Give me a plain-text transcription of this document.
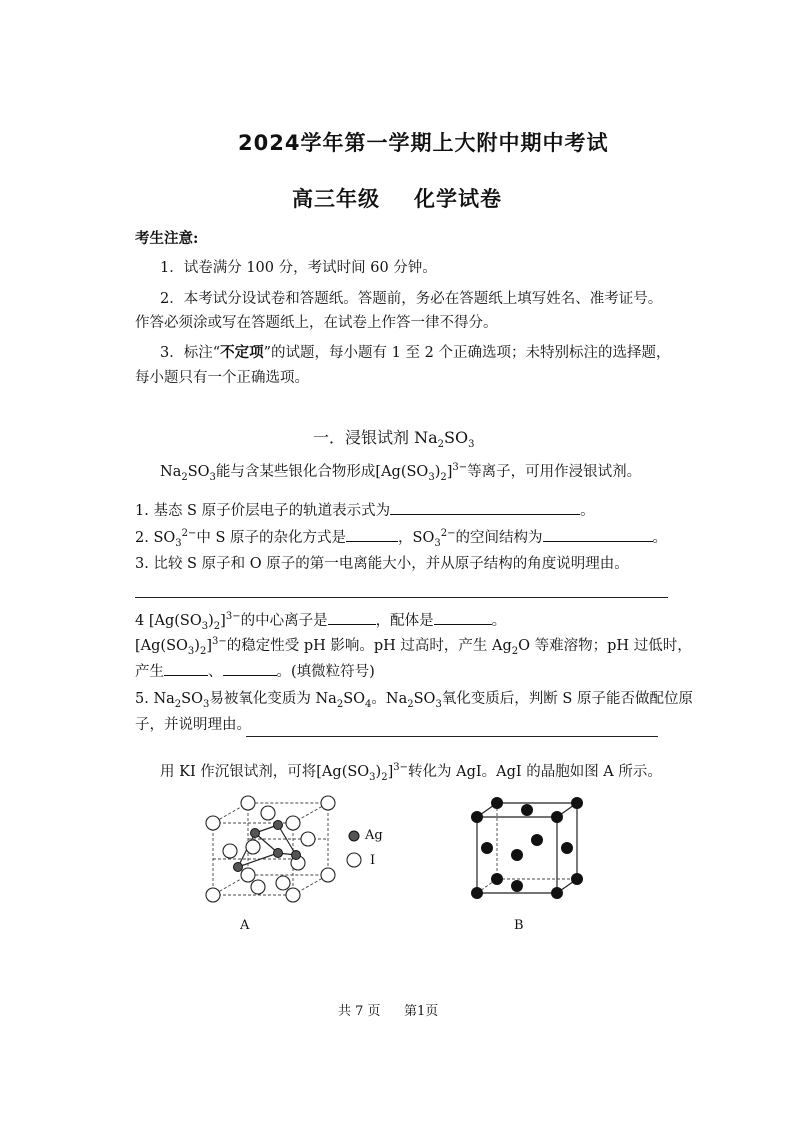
2024学年第一学期上大附中期中考试
高三年级 化学试卷
考生注意:
1．试卷满分 100 分，考试时间 60 分钟。
2．本考试分设试卷和答题纸。答题前，务必在答题纸上填写姓名、准考证号。
作答必须涂或写在答题纸上，在试卷上作答一律不得分。
3．标注“不定项”的试题，每小题有 1 至 2 个正确选项；未特别标注的选择题，
每小题只有一个正确选项。
一．浸银试剂 $Na_2SO_3$
$Na_2SO_3$能与含某些银化合物形成$[Ag(SO_3)_2]^{3-}$等离子，可用作浸银试剂。
1. 基态 S 原子价层电子的轨道表示式为	。
2. $SO_3^{2-}$中 S 原子的杂化方式是	，$SO_3^{2-}$的空间结构为	。
3. 比较 S 原子和 O 原子的第一电离能大小，并从原子结构的角度说明理由。
4 $[Ag(SO_3)_2]^{3-}$的中心离子是	，配体是	。
$[Ag(SO_3)_2]^{3-}$的稳定性受 pH 影响。pH 过高时，产生 $Ag_2O$ 等难溶物；pH 过低时，
产生	、	。(填微粒符号)
5. $Na_2SO_3$易被氧化变质为 $Na_2SO_4$。$Na_2SO_3$氧化变质后，判断 S 原子能否做配位原
子，并说明理由。
用 KI 作沉银试剂，可将$[Ag(SO_3)_2]^{3-}$转化为 AgI。AgI 的晶胞如图 A 所示。
Ag
I
A	B
共 7 页 第1页
